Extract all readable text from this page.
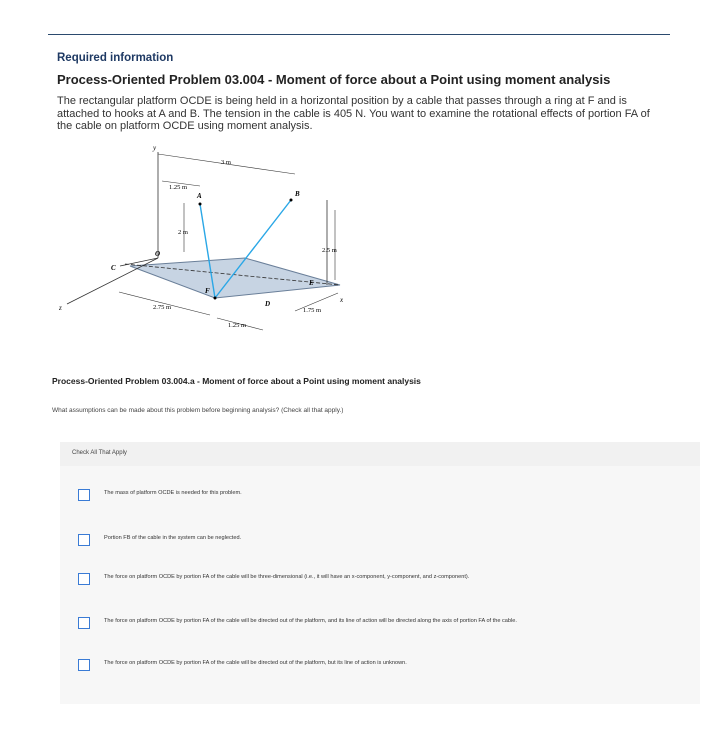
Required information
Process-Oriented Problem 03.004 - Moment of force about a Point using moment analysis
The rectangular platform OCDE is being held in a horizontal position by a cable that passes through a ring at F and is attached to hooks at A and B. The tension in the cable is 405 N. You want to examine the rotational effects of portion FA of the cable on platform OCDE using moment analysis.
y
x
z
O
C
A	B
E
D
F
3 m
1.25 m
2 m
2.5 m
2.75 m	1.75 m
1.25 m
Process-Oriented Problem 03.004.a - Moment of force about a Point using moment analysis
What assumptions can be made about this problem before beginning analysis? (Check all that apply.)
Check All That Apply
The mass of platform OCDE is needed for this problem.
Portion FB of the cable in the system can be neglected.
The force on platform OCDE by portion FA of the cable will be three-dimensional (i.e., it will have an x-component, y-component, and z-component).
The force on platform OCDE by portion FA of the cable will be directed out of the platform, and its line of action will be directed along the axis of portion FA of the cable.
The force on platform OCDE by portion FA of the cable will be directed out of the platform, but its line of action is unknown.
